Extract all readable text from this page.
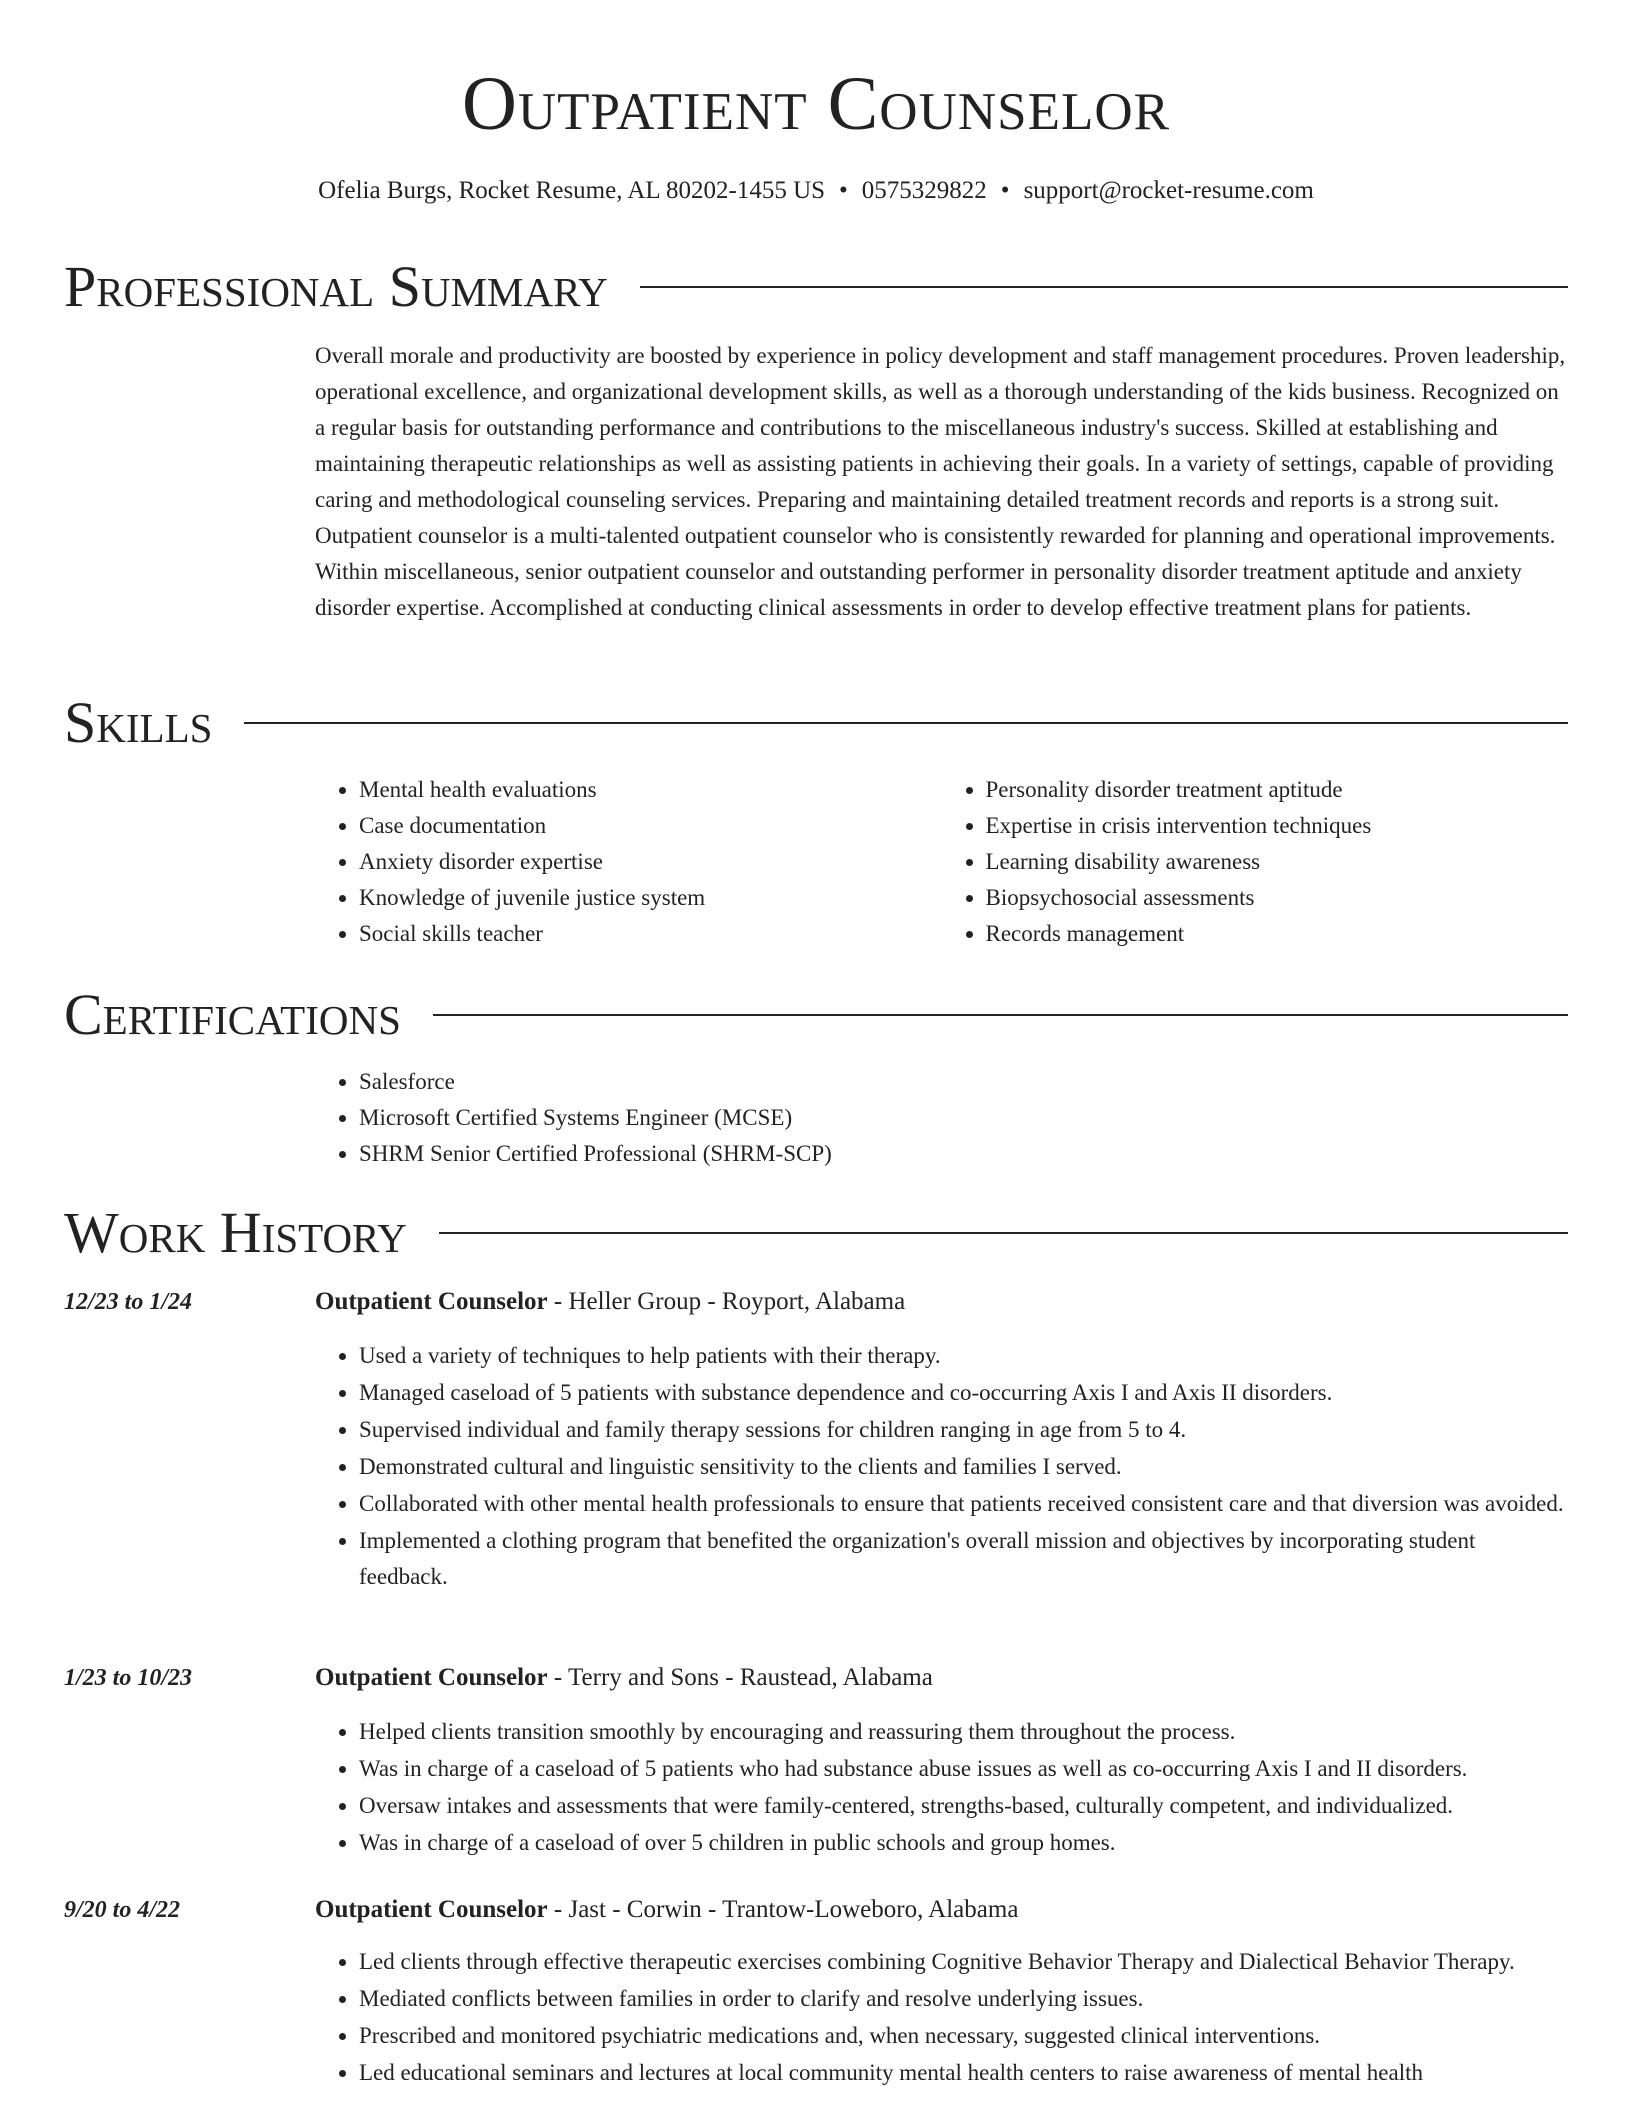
Outpatient Counselor
Ofelia Burgs, Rocket Resume, AL 80202-1455 US • 0575329822 • support@rocket-resume.com
Professional Summary
Overall morale and productivity are boosted by experience in policy development and staff management procedures. Proven leadership, operational excellence, and organizational development skills, as well as a thorough understanding of the kids business. Recognized on a regular basis for outstanding performance and contributions to the miscellaneous industry's success. Skilled at establishing and maintaining therapeutic relationships as well as assisting patients in achieving their goals. In a variety of settings, capable of providing caring and methodological counseling services. Preparing and maintaining detailed treatment records and reports is a strong suit. Outpatient counselor is a multi-talented outpatient counselor who is consistently rewarded for planning and operational improvements. Within miscellaneous, senior outpatient counselor and outstanding performer in personality disorder treatment aptitude and anxiety disorder expertise. Accomplished at conducting clinical assessments in order to develop effective treatment plans for patients.
Skills
• Mental health evaluations
• Case documentation
• Anxiety disorder expertise
• Knowledge of juvenile justice system
• Social skills teacher
• Personality disorder treatment aptitude
• Expertise in crisis intervention techniques
• Learning disability awareness
• Biopsychosocial assessments
• Records management
Certifications
• Salesforce
• Microsoft Certified Systems Engineer (MCSE)
• SHRM Senior Certified Professional (SHRM-SCP)
Work History
12/23 to 1/24	Outpatient Counselor - Heller Group - Royport, Alabama
• Used a variety of techniques to help patients with their therapy.
• Managed caseload of 5 patients with substance dependence and co-occurring Axis I and Axis II disorders.
• Supervised individual and family therapy sessions for children ranging in age from 5 to 4.
• Demonstrated cultural and linguistic sensitivity to the clients and families I served.
• Collaborated with other mental health professionals to ensure that patients received consistent care and that diversion was avoided.
• Implemented a clothing program that benefited the organization's overall mission and objectives by incorporating student feedback.
1/23 to 10/23	Outpatient Counselor - Terry and Sons - Raustead, Alabama
• Helped clients transition smoothly by encouraging and reassuring them throughout the process.
• Was in charge of a caseload of 5 patients who had substance abuse issues as well as co-occurring Axis I and II disorders.
• Oversaw intakes and assessments that were family-centered, strengths-based, culturally competent, and individualized.
• Was in charge of a caseload of over 5 children in public schools and group homes.
9/20 to 4/22	Outpatient Counselor - Jast - Corwin - Trantow-Loweboro, Alabama
• Led clients through effective therapeutic exercises combining Cognitive Behavior Therapy and Dialectical Behavior Therapy.
• Mediated conflicts between families in order to clarify and resolve underlying issues.
• Prescribed and monitored psychiatric medications and, when necessary, suggested clinical interventions.
• Led educational seminars and lectures at local community mental health centers to raise awareness of mental health
